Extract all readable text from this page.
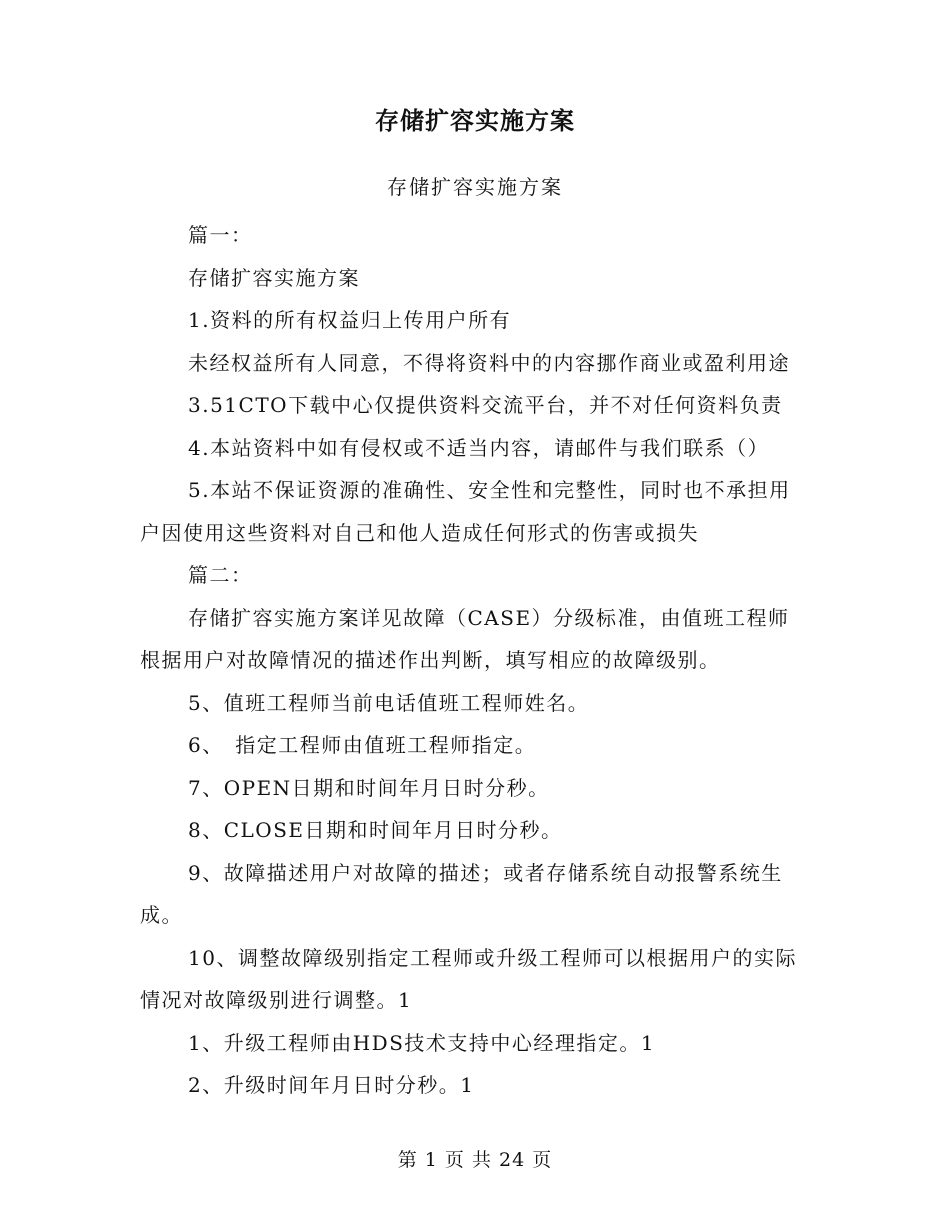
存储扩容实施方案
存储扩容实施方案

篇一：

存储扩容实施方案

1.资料的所有权益归上传用户所有

未经权益所有人同意，不得将资料中的内容挪作商业或盈利用途

3.51CTO下载中心仅提供资料交流平台，并不对任何资料负责

4.本站资料中如有侵权或不适当内容，请邮件与我们联系（）

5.本站不保证资源的准确性、安全性和完整性，同时也不承担用户因使用这些资料对自己和他人造成任何形式的伤害或损失

篇二：

存储扩容实施方案详见故障（CASE）分级标准，由值班工程师根据用户对故障情况的描述作出判断，填写相应的故障级别。

5、值班工程师当前电话值班工程师姓名。

6、　指定工程师由值班工程师指定。

7、OPEN日期和时间年月日时分秒。

8、CLOSE日期和时间年月日时分秒。

9、故障描述用户对故障的描述；或者存储系统自动报警系统生成。

10、调整故障级别指定工程师或升级工程师可以根据用户的实际情况对故障级别进行调整。1

1、升级工程师由HDS技术支持中心经理指定。1

2、升级时间年月日时分秒。1

第 1 页 共 24 页
